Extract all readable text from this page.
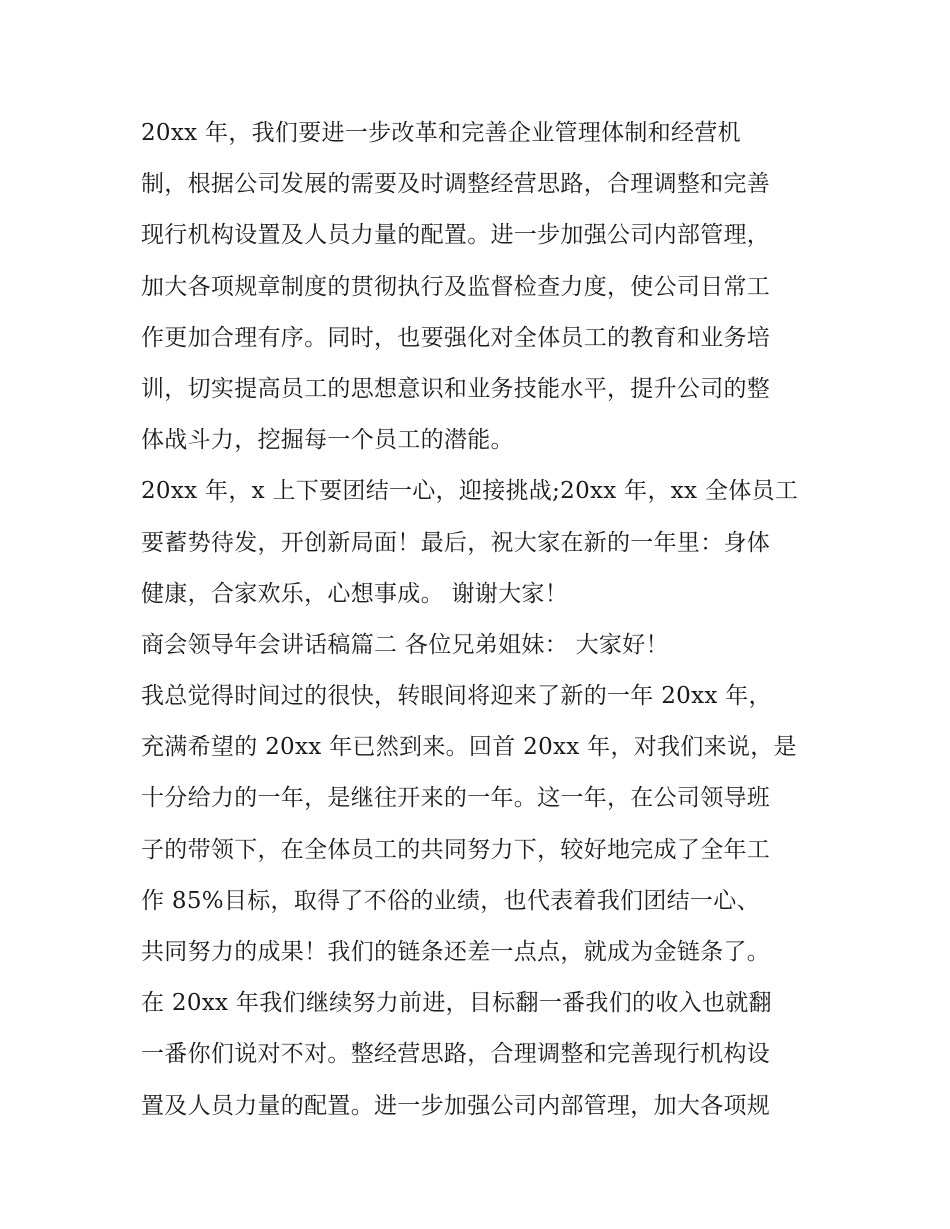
20xx 年，我们要进一步改革和完善企业管理体制和经营机
制，根据公司发展的需要及时调整经营思路，合理调整和完善
现行机构设置及人员力量的配置。进一步加强公司内部管理，
加大各项规章制度的贯彻执行及监督检查力度，使公司日常工
作更加合理有序。同时，也要强化对全体员工的教育和业务培
训，切实提高员工的思想意识和业务技能水平，提升公司的整
体战斗力，挖掘每一个员工的潜能。
20xx 年，x 上下要团结一心，迎接挑战;20xx 年，xx 全体员工
要蓄势待发，开创新局面！最后，祝大家在新的一年里：身体
健康，合家欢乐，心想事成。 谢谢大家！
商会领导年会讲话稿篇二 各位兄弟姐妹： 大家好！
我总觉得时间过的很快，转眼间将迎来了新的一年 20xx 年，
充满希望的 20xx 年已然到来。回首 20xx 年，对我们来说，是
十分给力的一年，是继往开来的一年。这一年，在公司领导班
子的带领下，在全体员工的共同努力下，较好地完成了全年工
作 85%目标，取得了不俗的业绩，也代表着我们团结一心、
共同努力的成果！我们的链条还差一点点，就成为金链条了。
在 20xx 年我们继续努力前进，目标翻一番我们的收入也就翻
一番你们说对不对。整经营思路，合理调整和完善现行机构设
置及人员力量的配置。进一步加强公司内部管理，加大各项规
